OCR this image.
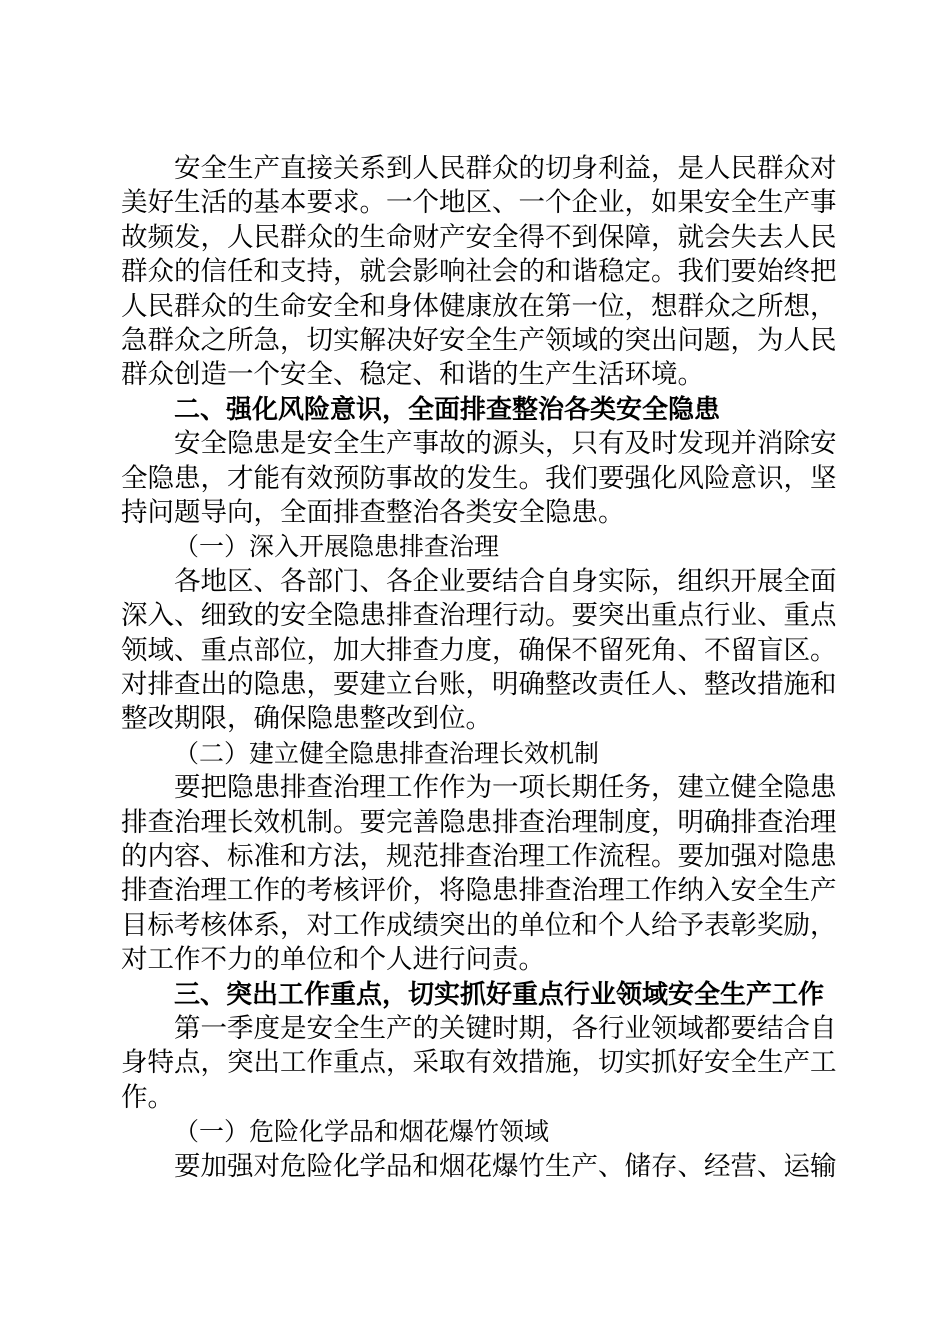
安全生产直接关系到人民群众的切身利益，是人民群众对
美好生活的基本要求。一个地区、一个企业，如果安全生产事
故频发，人民群众的生命财产安全得不到保障，就会失去人民
群众的信任和支持，就会影响社会的和谐稳定。我们要始终把
人民群众的生命安全和身体健康放在第一位，想群众之所想，
急群众之所急，切实解决好安全生产领域的突出问题，为人民
群众创造一个安全、稳定、和谐的生产生活环境。
二、强化风险意识，全面排查整治各类安全隐患
安全隐患是安全生产事故的源头，只有及时发现并消除安
全隐患，才能有效预防事故的发生。我们要强化风险意识，坚
持问题导向，全面排查整治各类安全隐患。
（一）深入开展隐患排查治理
各地区、各部门、各企业要结合自身实际，组织开展全面
深入、细致的安全隐患排查治理行动。要突出重点行业、重点
领域、重点部位，加大排查力度，确保不留死角、不留盲区。
对排查出的隐患，要建立台账，明确整改责任人、整改措施和
整改期限，确保隐患整改到位。
（二）建立健全隐患排查治理长效机制
要把隐患排查治理工作作为一项长期任务，建立健全隐患
排查治理长效机制。要完善隐患排查治理制度，明确排查治理
的内容、标准和方法，规范排查治理工作流程。要加强对隐患
排查治理工作的考核评价，将隐患排查治理工作纳入安全生产
目标考核体系，对工作成绩突出的单位和个人给予表彰奖励，
对工作不力的单位和个人进行问责。
三、突出工作重点，切实抓好重点行业领域安全生产工作
第一季度是安全生产的关键时期，各行业领域都要结合自
身特点，突出工作重点，采取有效措施，切实抓好安全生产工
作。
（一）危险化学品和烟花爆竹领域
要加强对危险化学品和烟花爆竹生产、储存、经营、运输
